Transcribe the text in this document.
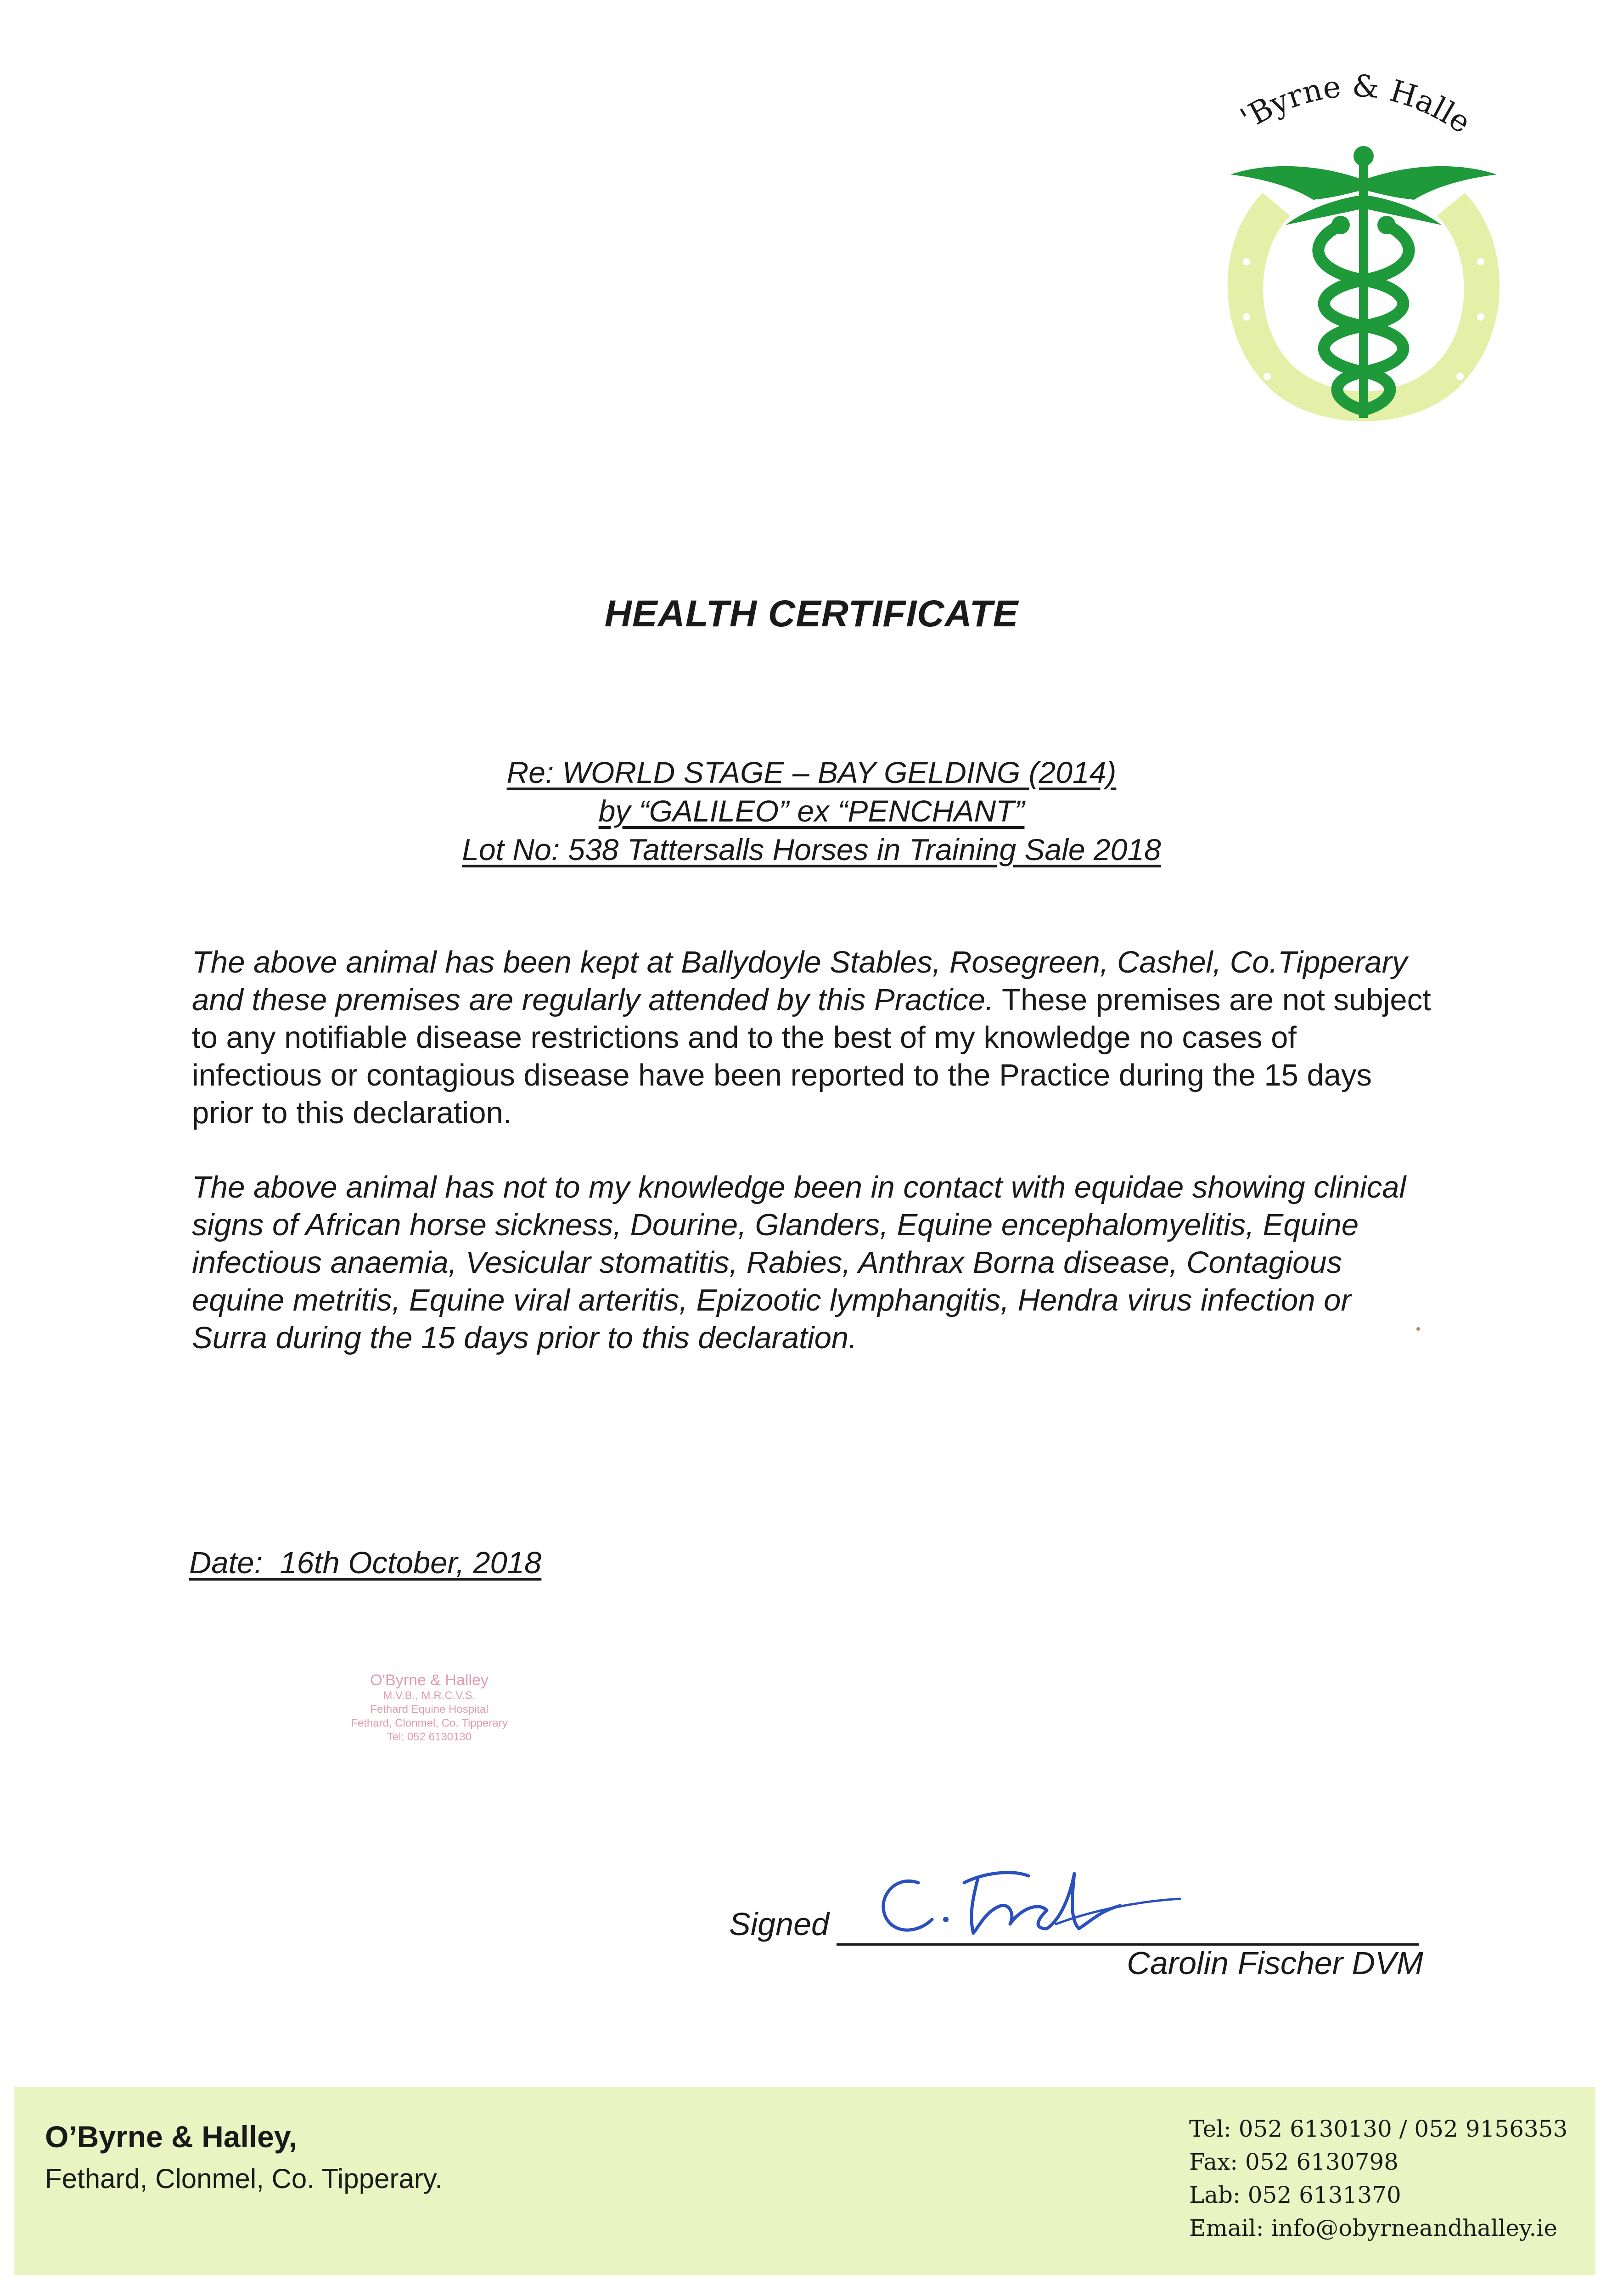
'Byrne & Halle
HEALTH CERTIFICATE
Re: WORLD STAGE – BAY GELDING (2014)
by “GALILEO” ex “PENCHANT”
Lot No: 538 Tattersalls Horses in Training Sale 2018
The above animal has been kept at Ballydoyle Stables, Rosegreen, Cashel, Co.Tipperary and these premises are regularly attended by this Practice. These premises are not subject to any notifiable disease restrictions and to the best of my knowledge no cases of infectious or contagious disease have been reported to the Practice during the 15 days prior to this declaration.
The above animal has not to my knowledge been in contact with equidae showing clinical signs of African horse sickness, Dourine, Glanders, Equine encephalomyelitis, Equine infectious anaemia, Vesicular stomatitis, Rabies, Anthrax Borna disease, Contagious equine metritis, Equine viral arteritis, Epizootic lymphangitis, Hendra virus infection or Surra during the 15 days prior to this declaration.
Date:  16th October, 2018
O'Byrne & Halley
M.V.B., M.R.C.V.S.
Fethard Equine Hospital
Fethard, Clonmel, Co. Tipperary
Tel: 052 6130130
Signed
Carolin Fischer DVM
O’Byrne & Halley,
Fethard, Clonmel, Co. Tipperary.
Tel: 052 6130130 / 052 9156353
Fax: 052 6130798
Lab: 052 6131370
Email: info@obyrneandhalley.ie
